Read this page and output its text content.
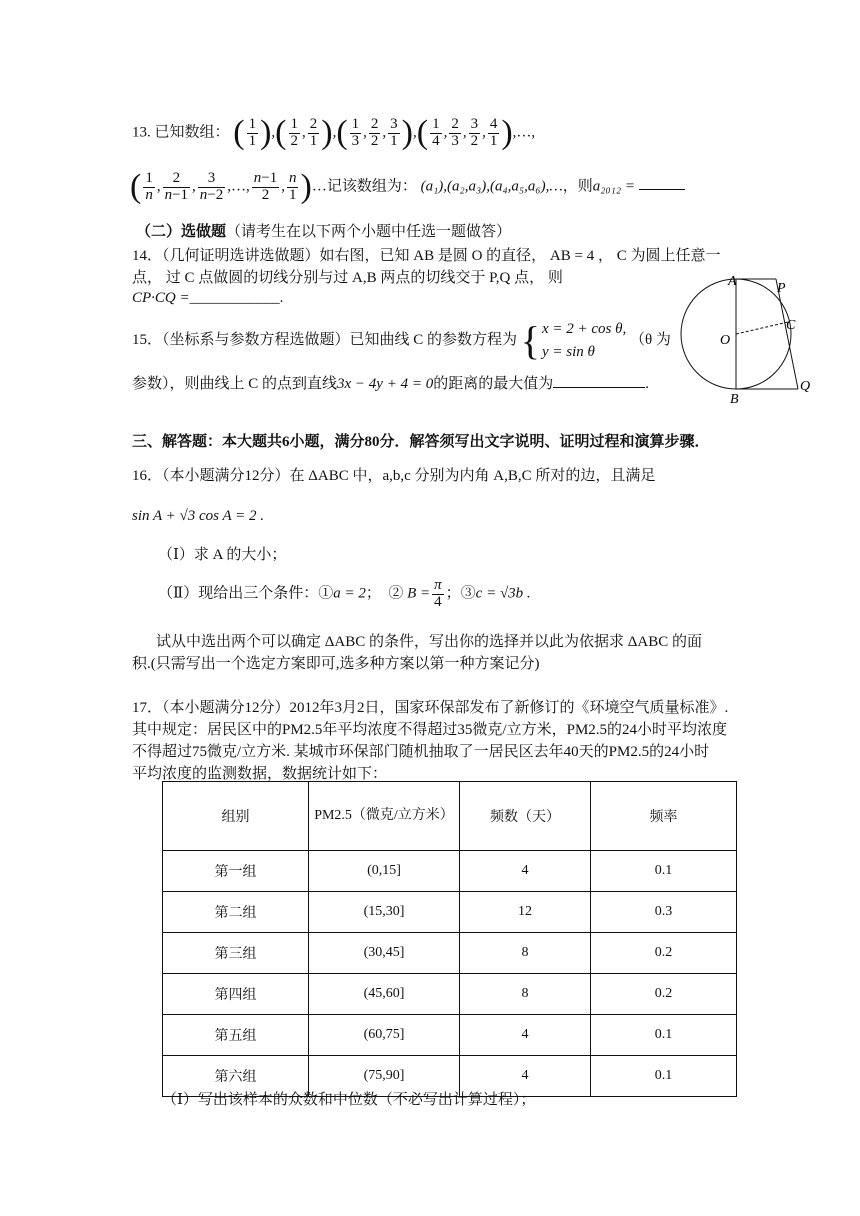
13. 已知数组： ( $\frac{1}{1}$ ),( $\frac{1}{2}$ , $\frac{2}{1}$ ),( $\frac{1}{3}$ , $\frac{2}{2}$ , $\frac{3}{1}$ ),( $\frac{1}{4}$ , $\frac{2}{3}$ , $\frac{3}{2}$ , $\frac{4}{1}$ ),…,
( $\frac{1}{n}$ , $\frac{2}{n-1}$ , $\frac{3}{n-2}$ ,…, $\frac{n-1}{2}$ , $\frac{n}{1}$ )…记该数组为： (a₁),(a₂,a₃),(a₄,a₅,a₆),…，则a₂₀₁₂ =
（二）选做题（请考生在以下两个小题中任选一题做答）
14．（几何证明选讲选做题）如右图，已知 AB 是圆 O 的直径， AB = 4 ， C 为圆上任意一
点， 过 C 点做圆的切线分别与过 A,B 两点的切线交于 P,Q 点， 则
CP·CQ =____________.
15．（坐标系与参数方程选做题）已知曲线 C 的参数方程为 { x = 2 + cos θ,
y = sin θ （θ 为
参数），则曲线上 C 的点到直线3x − 4y + 4 = 0的距离的最大值为	.
A	P
O
C
B
Q
三、解答题：本大题共6小题，满分80分．解答须写出文字说明、证明过程和演算步骤．
16．（本小题满分12分）在 ΔABC 中，a,b,c 分别为内角 A,B,C 所对的边，且满足
sin A + √3 cos A = 2 .
（Ⅰ）求 A 的大小；
（Ⅱ）现给出三个条件：①a = 2；　② $B = \frac{\pi}{4}$ ；③c = √3b .
试从中选出两个可以确定 ΔABC 的条件，写出你的选择并以此为依据求 ΔABC 的面
积.(只需写出一个选定方案即可,选多种方案以第一种方案记分)
17．（本小题满分12分）2012年3月2日，国家环保部发布了新修订的《环境空气质量标准》.
其中规定：居民区中的PM2.5年平均浓度不得超过35微克/立方米，PM2.5的24小时平均浓度
不得超过75微克/立方米. 某城市环保部门随机抽取了一居民区去年40天的PM2.5的24小时
平均浓度的监测数据，数据统计如下：
组别	PM2.5（微克/立方米）	频数（天）	频率
第一组	(0,15]	4	0.1
第二组	(15,30]	12	0.3
第三组	(30,45]	8	0.2
第四组	(45,60]	8	0.2
第五组	(60,75]	4	0.1
第六组	(75,90]	4	0.1
（Ⅰ）写出该样本的众数和中位数（不必写出计算过程）；
